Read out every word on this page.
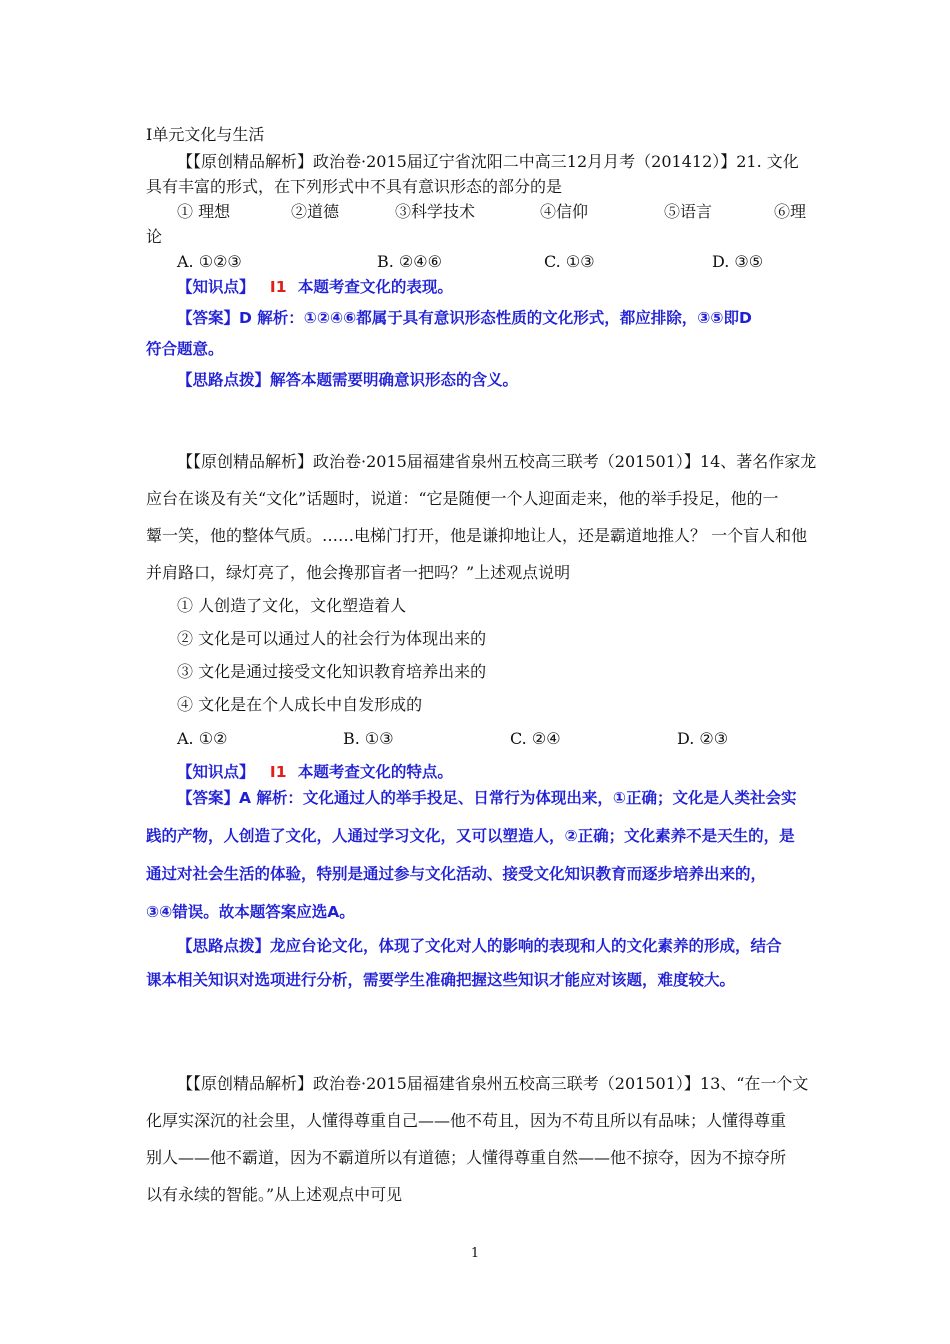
I单元文化与生活
【【原创精品解析】政治卷·2015届辽宁省沈阳二中高三12月月考（201412）】21. 文化
具有丰富的形式，在下列形式中不具有意识形态的部分的是
① 理想	②道德	③科学技术	④信仰	⑤语言	⑥理
论
A. ①②③	B. ②④⑥	C. ①③	D. ③⑤
【知识点】 I1 本题考查文化的表现。
【答案】D 解析：①②④⑥都属于具有意识形态性质的文化形式，都应排除，③⑤即D
符合题意。
【思路点拨】解答本题需要明确意识形态的含义。
【【原创精品解析】政治卷·2015届福建省泉州五校高三联考（201501）】14、著名作家龙
应台在谈及有关“文化”话题时，说道：“它是随便一个人迎面走来，他的举手投足，他的一
颦一笑，他的整体气质。……电梯门打开，他是谦抑地让人，还是霸道地推人？ 一个盲人和他
并肩路口，绿灯亮了，他会搀那盲者一把吗？”上述观点说明
① 人创造了文化，文化塑造着人
② 文化是可以通过人的社会行为体现出来的
③ 文化是通过接受文化知识教育培养出来的
④ 文化是在个人成长中自发形成的
A. ①②	B. ①③	C. ②④	D. ②③
【知识点】 I1 本题考查文化的特点。
【答案】A 解析：文化通过人的举手投足、日常行为体现出来，①正确；文化是人类社会实
践的产物，人创造了文化，人通过学习文化，又可以塑造人，②正确；文化素养不是天生的，是
通过对社会生活的体验，特别是通过参与文化活动、接受文化知识教育而逐步培养出来的，
③④错误。故本题答案应选A。
【思路点拨】龙应台论文化，体现了文化对人的影响的表现和人的文化素养的形成，结合
课本相关知识对选项进行分析，需要学生准确把握这些知识才能应对该题，难度较大。
【【原创精品解析】政治卷·2015届福建省泉州五校高三联考（201501）】13、“在一个文
化厚实深沉的社会里，人懂得尊重自己——他不苟且，因为不苟且所以有品味；人懂得尊重
别人——他不霸道，因为不霸道所以有道德；人懂得尊重自然——他不掠夺，因为不掠夺所
以有永续的智能。”从上述观点中可见
1
